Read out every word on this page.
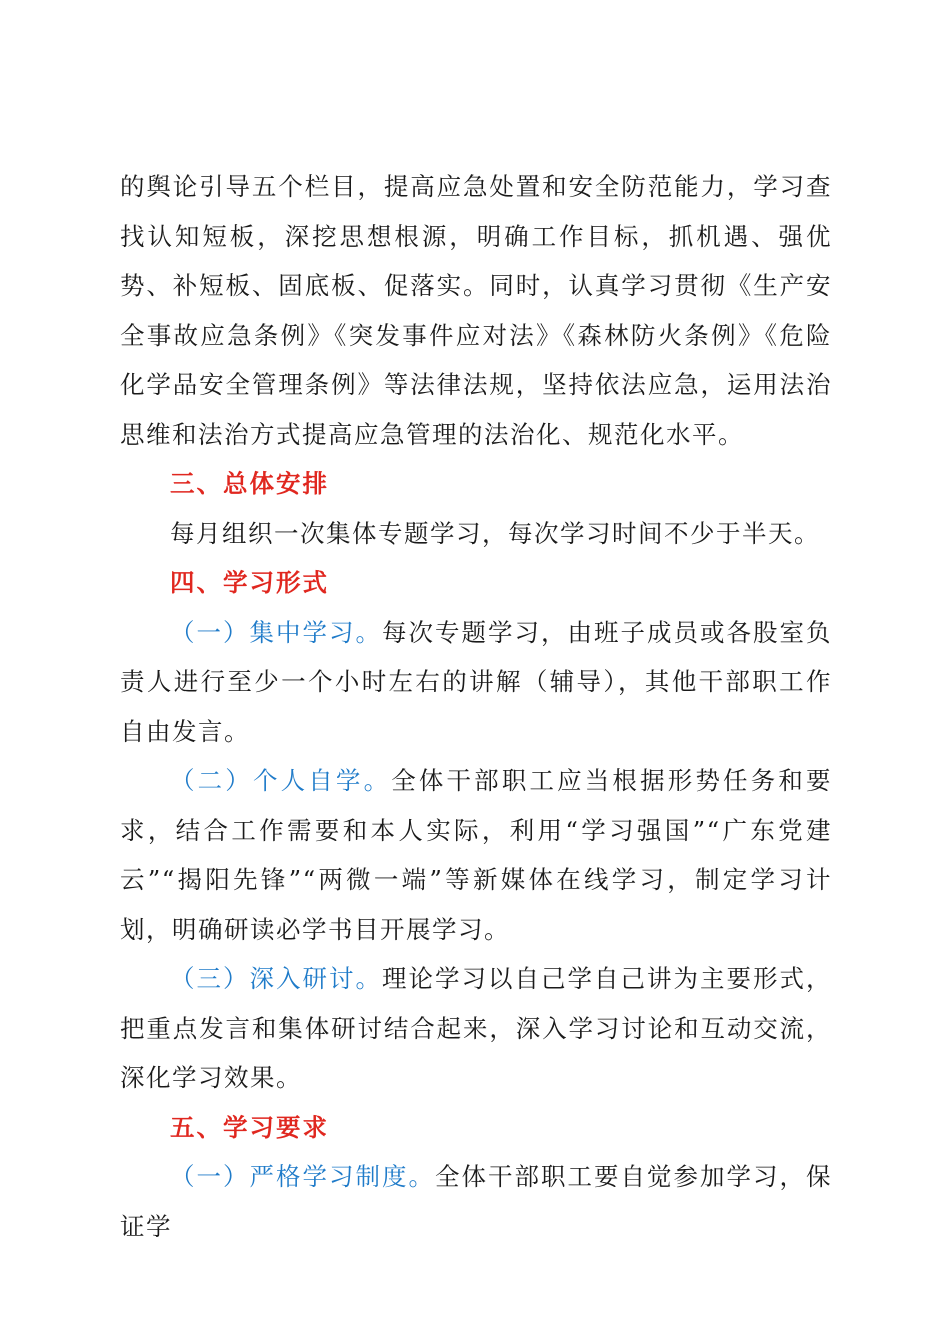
的舆论引导五个栏目，提高应急处置和安全防范能力，学习查找认知短板，深挖思想根源，明确工作目标，抓机遇、强优势、补短板、固底板、促落实。同时，认真学习贯彻《生产安全事故应急条例》《突发事件应对法》《森林防火条例》《危险化学品安全管理条例》等法律法规，坚持依法应急，运用法治思维和法治方式提高应急管理的法治化、规范化水平。

三、总体安排

每月组织一次集体专题学习，每次学习时间不少于半天。

四、学习形式

（一）集中学习。每次专题学习，由班子成员或各股室负责人进行至少一个小时左右的讲解（辅导），其他干部职工作自由发言。

（二）个人自学。全体干部职工应当根据形势任务和要求，结合工作需要和本人实际，利用“学习强国”“广东党建云”“揭阳先锋”“两微一端”等新媒体在线学习，制定学习计划，明确研读必学书目开展学习。

（三）深入研讨。理论学习以自己学自己讲为主要形式，把重点发言和集体研讨结合起来，深入学习讨论和互动交流，深化学习效果。

五、学习要求

（一）严格学习制度。全体干部职工要自觉参加学习，保证学
